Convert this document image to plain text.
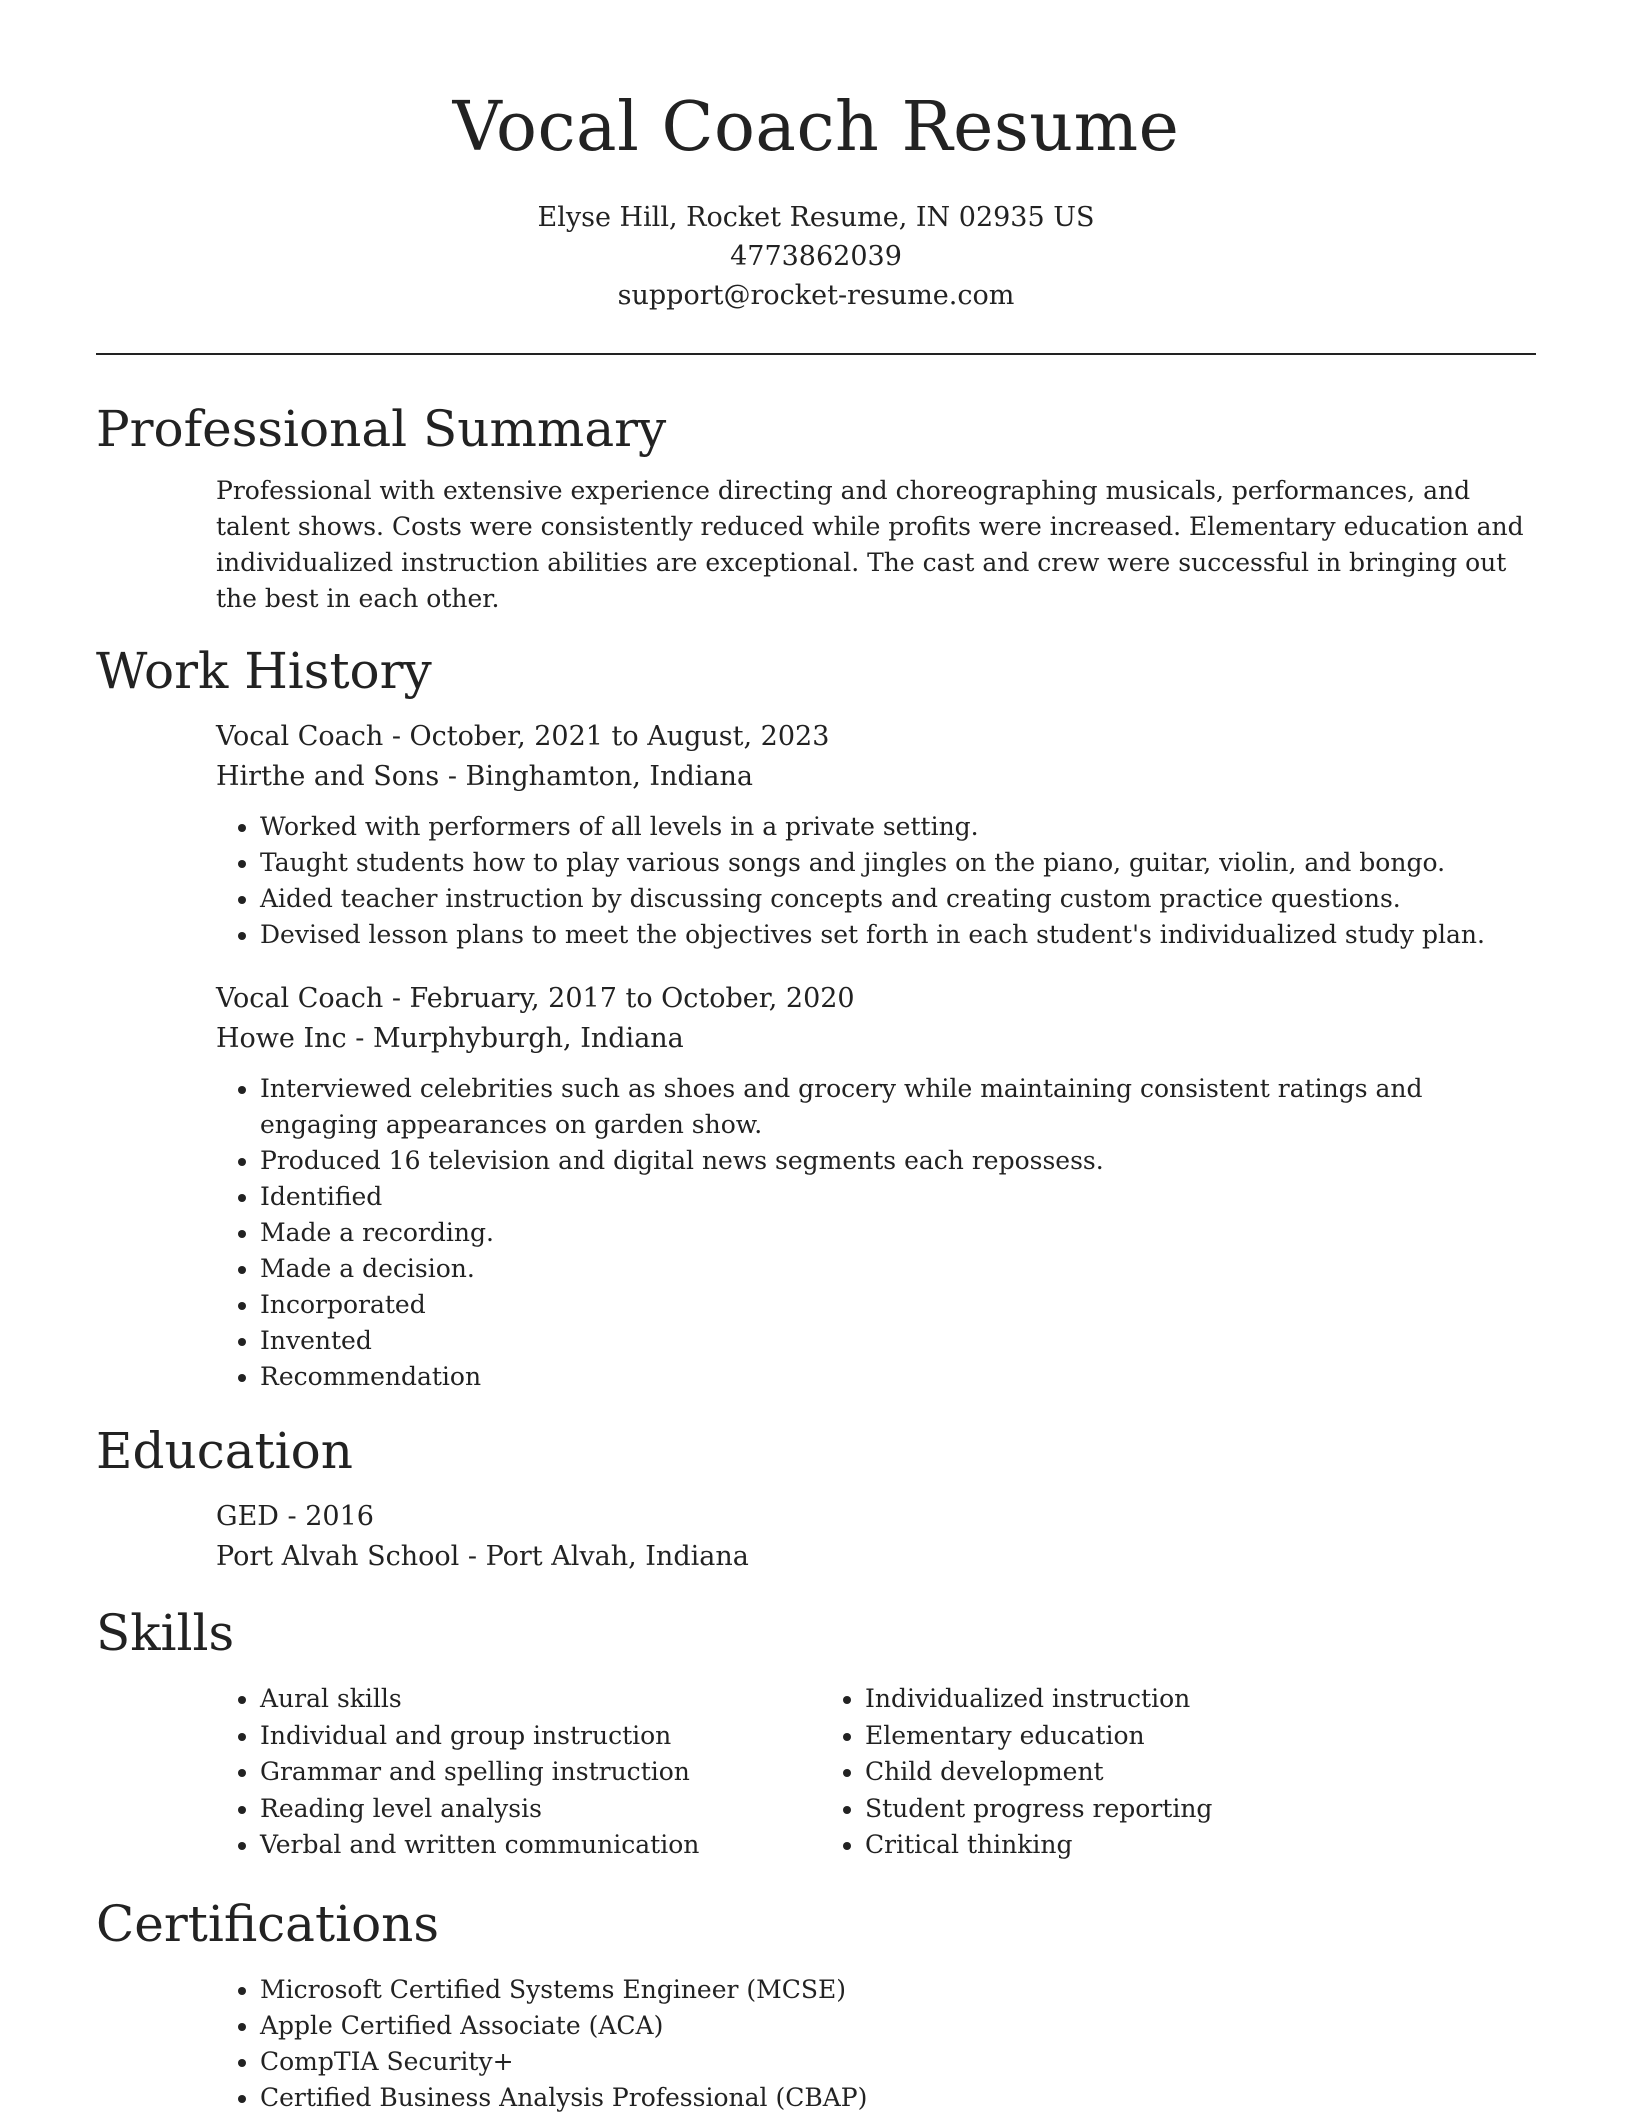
Vocal Coach Resume
Elyse Hill, Rocket Resume, IN 02935 US
4773862039
support@rocket-resume.com
Professional Summary

Professional with extensive experience directing and choreographing musicals, performances, and talent shows. Costs were consistently reduced while profits were increased. Elementary education and individualized instruction abilities are exceptional. The cast and crew were successful in bringing out the best in each other.

Work History
Vocal Coach - October, 2021 to August, 2023
Hirthe and Sons - Binghamton, Indiana
• Worked with performers of all levels in a private setting.
• Taught students how to play various songs and jingles on the piano, guitar, violin, and bongo.
• Aided teacher instruction by discussing concepts and creating custom practice questions.
• Devised lesson plans to meet the objectives set forth in each student's individualized study plan.
Vocal Coach - February, 2017 to October, 2020
Howe Inc - Murphyburgh, Indiana
• Interviewed celebrities such as shoes and grocery while maintaining consistent ratings and engaging appearances on garden show.
• Produced 16 television and digital news segments each repossess.
• Identified
• Made a recording.
• Made a decision.
• Incorporated
• Invented
• Recommendation
Education
GED - 2016
Port Alvah School - Port Alvah, Indiana
Skills
• Aural skills
• Individual and group instruction
• Grammar and spelling instruction
• Reading level analysis
• Verbal and written communication
• Individualized instruction
• Elementary education
• Child development
• Student progress reporting
• Critical thinking
Certifications
• Microsoft Certified Systems Engineer (MCSE)
• Apple Certified Associate (ACA)
• CompTIA Security+
• Certified Business Analysis Professional (CBAP)
